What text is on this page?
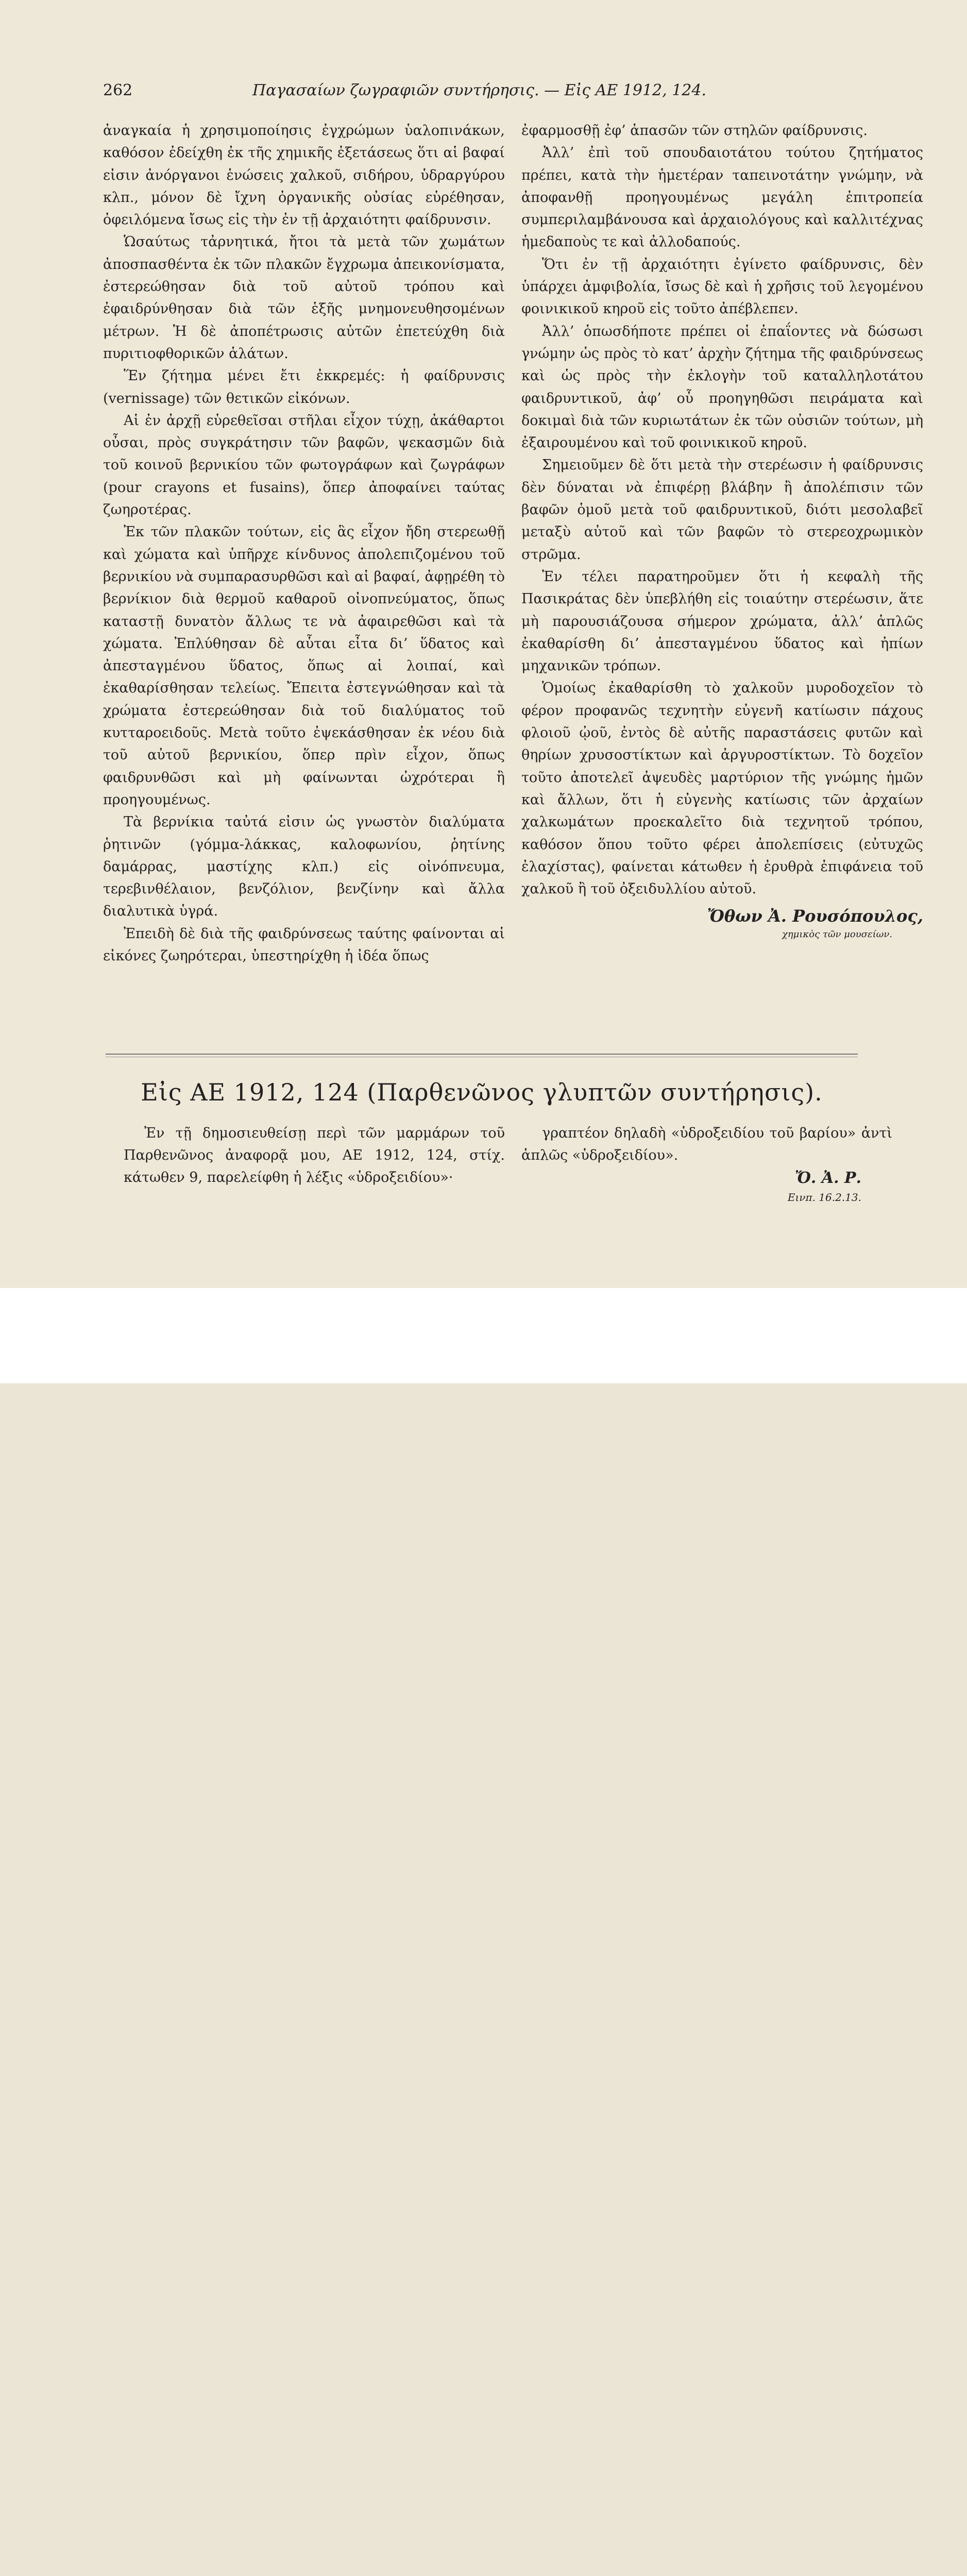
262	Παγασαίων ζωγραφιῶν συντήρησις. — Εἰς ΑΕ 1912, 124.

ἀναγκαία ἡ χρησιμοποίησις ἐγχρώμων ὑαλοπινάκων, καθόσον ἐδείχθη ἐκ τῆς χημικῆς ἐξετάσεως ὅτι αἱ βαφαί εἰσιν ἀνόργανοι ἑνώσεις χαλκοῦ, σιδήρου, ὑδραργύρου κλπ., μόνον δὲ ἴχνη ὀργανικῆς οὐσίας εὑρέθησαν, ὀφειλόμενα ἴσως εἰς τὴν ἐν τῇ ἀρχαιότητι φαίδρυνσιν.

Ὡσαύτως τἀρνητικά, ἤτοι τὰ μετὰ τῶν χωμάτων ἀποσπασθέντα ἐκ τῶν πλακῶν ἔγχρωμα ἀπεικονίσματα, ἐστερεώθησαν διὰ τοῦ αὐτοῦ τρόπου καὶ ἐφαιδρύνθησαν διὰ τῶν ἑξῆς μνημονευθησομένων μέτρων. Ἡ δὲ ἀποπέτρωσις αὐτῶν ἐπετεύχθη διὰ πυριτιοφθορικῶν ἁλάτων.

Ἕν ζήτημα μένει ἔτι ἐκκρεμές: ἡ φαίδρυνσις (vernissage) τῶν θετικῶν εἰκόνων.

Αἱ ἐν ἀρχῇ εὑρεθεῖσαι στῆλαι εἶχον τύχῃ, ἀκάθαρτοι οὖσαι, πρὸς συγκράτησιν τῶν βαφῶν, ψεκασμῶν διὰ τοῦ κοινοῦ βερνικίου τῶν φωτογράφων καὶ ζωγράφων (pour crayons et fusains), ὅπερ ἀποφαίνει ταύτας ζωηροτέρας.

Ἐκ τῶν πλακῶν τούτων, εἰς ἃς εἶχον ἤδη στερεωθῇ καὶ χώματα καὶ ὑπῆρχε κίνδυνος ἀπολεπιζομένου τοῦ βερνικίου νὰ συμπαρασυρθῶσι καὶ αἱ βαφαί, ἀφῃρέθη τὸ βερνίκιον διὰ θερμοῦ καθαροῦ οἰνοπνεύματος, ὅπως καταστῇ δυνατὸν ἄλλως τε νὰ ἀφαιρεθῶσι καὶ τὰ χώματα. Ἐπλύθησαν δὲ αὗται εἶτα δι’ ὕδατος καὶ ἀπεσταγμένου ὕδατος, ὅπως αἱ λοιπαί, καὶ ἐκαθαρίσθησαν τελείως. Ἔπειτα ἐστεγνώθησαν καὶ τὰ χρώματα ἐστερεώθησαν διὰ τοῦ διαλύματος τοῦ κυτταροειδοῦς. Μετὰ τοῦτο ἐψεκάσθησαν ἐκ νέου διὰ τοῦ αὐτοῦ βερνικίου, ὅπερ πρὶν εἶχον, ὅπως φαιδρυνθῶσι καὶ μὴ φαίνωνται ὠχρότεραι ἢ προηγουμένως.

Τὰ βερνίκια ταὐτά εἰσιν ὡς γνωστὸν διαλύματα ῥητινῶν (γόμμα-λάκκας, καλοφωνίου, ῥητίνης δαμάρρας, μαστίχης κλπ.) εἰς οἰνόπνευμα, τερεβινθέλαιον, βενζόλιον, βενζίνην καὶ ἄλλα διαλυτικὰ ὑγρά.

Ἐπειδὴ δὲ διὰ τῆς φαιδρύνσεως ταύτης φαίνονται αἱ εἰκόνες ζωηρότεραι, ὑπεστηρίχθη ἡ ἰδέα ὅπως

ἐφαρμοσθῇ ἐφ’ ἁπασῶν τῶν στηλῶν φαίδρυνσις.

Ἀλλ’ ἐπὶ τοῦ σπουδαιοτάτου τούτου ζητήματος πρέπει, κατὰ τὴν ἡμετέραν ταπεινοτάτην γνώμην, νὰ ἀποφανθῇ προηγουμένως μεγάλη ἐπιτροπεία συμπεριλαμβάνουσα καὶ ἀρχαιολόγους καὶ καλλιτέχνας ἡμεδαποὺς τε καὶ ἀλλοδαπούς.

Ὅτι ἐν τῇ ἀρχαιότητι ἐγίνετο φαίδρυνσις, δὲν ὑπάρχει ἀμφιβολία, ἴσως δὲ καὶ ἡ χρῆσις τοῦ λεγομένου φοινικικοῦ κηροῦ εἰς τοῦτο ἀπέβλεπεν.

Ἀλλ’ ὁπωσδήποτε πρέπει οἱ ἐπαΐοντες νὰ δώσωσι γνώμην ὡς πρὸς τὸ κατ’ ἀρχὴν ζήτημα τῆς φαιδρύνσεως καὶ ὡς πρὸς τὴν ἐκλογὴν τοῦ καταλληλοτάτου φαιδρυντικοῦ, ἀφ’ οὗ προηγηθῶσι πειράματα καὶ δοκιμαὶ διὰ τῶν κυριωτάτων ἐκ τῶν οὐσιῶν τούτων, μὴ ἐξαιρουμένου καὶ τοῦ φοινικικοῦ κηροῦ.

Σημειοῦμεν δὲ ὅτι μετὰ τὴν στερέωσιν ἡ φαίδρυνσις δὲν δύναται νὰ ἐπιφέρῃ βλάβην ἢ ἀπολέπισιν τῶν βαφῶν ὁμοῦ μετὰ τοῦ φαιδρυντικοῦ, διότι μεσολαβεῖ μεταξὺ αὐτοῦ καὶ τῶν βαφῶν τὸ στερεοχρωμικὸν στρῶμα.

Ἐν τέλει παρατηροῦμεν ὅτι ἡ κεφαλὴ τῆς Πασικράτας δὲν ὑπεβλήθη εἰς τοιαύτην στερέωσιν, ἅτε μὴ παρουσιάζουσα σήμερον χρώματα, ἀλλ’ ἁπλῶς ἐκαθαρίσθη δι’ ἀπεσταγμένου ὕδατος καὶ ἠπίων μηχανικῶν τρόπων.

Ὁμοίως ἐκαθαρίσθη τὸ χαλκοῦν μυροδοχεῖον τὸ φέρον προφανῶς τεχνητὴν εὐγενῆ κατίωσιν πάχους φλοιοῦ ᾠοῦ, ἐντὸς δὲ αὐτῆς παραστάσεις φυτῶν καὶ θηρίων χρυσοστίκτων καὶ ἀργυροστίκτων. Τὸ δοχεῖον τοῦτο ἀποτελεῖ ἀψευδὲς μαρτύριον τῆς γνώμης ἡμῶν καὶ ἄλλων, ὅτι ἡ εὐγενὴς κατίωσις τῶν ἀρχαίων χαλκωμάτων προεκαλεῖτο διὰ τεχνητοῦ τρόπου, καθόσον ὅπου τοῦτο φέρει ἀπολεπίσεις (εὐτυχῶς ἐλαχίστας), φαίνεται κάτωθεν ἡ ἐρυθρὰ ἐπιφάνεια τοῦ χαλκοῦ ἢ τοῦ ὀξειδυλλίου αὐτοῦ.

Ὄθων Ἀ. Ρουσόπουλος,
χημικὸς τῶν μουσείων.
Εἰς ΑΕ 1912, 124 (Παρθενῶνος γλυπτῶν συντήρησις).

Ἐν τῇ δημοσιευθείσῃ περὶ τῶν μαρμάρων τοῦ Παρθενῶνος ἀναφορᾷ μου, ΑΕ 1912, 124, στίχ. κάτωθεν 9, παρελείφθη ἡ λέξις «ὑδροξειδίου»·

γραπτέον δηλαδὴ «ὑδροξειδίου τοῦ βαρίου» ἀντὶ ἁπλῶς «ὑδροξειδίου».

Ὄ. Ἀ. Ρ.
Εινπ. 16.2.13.
